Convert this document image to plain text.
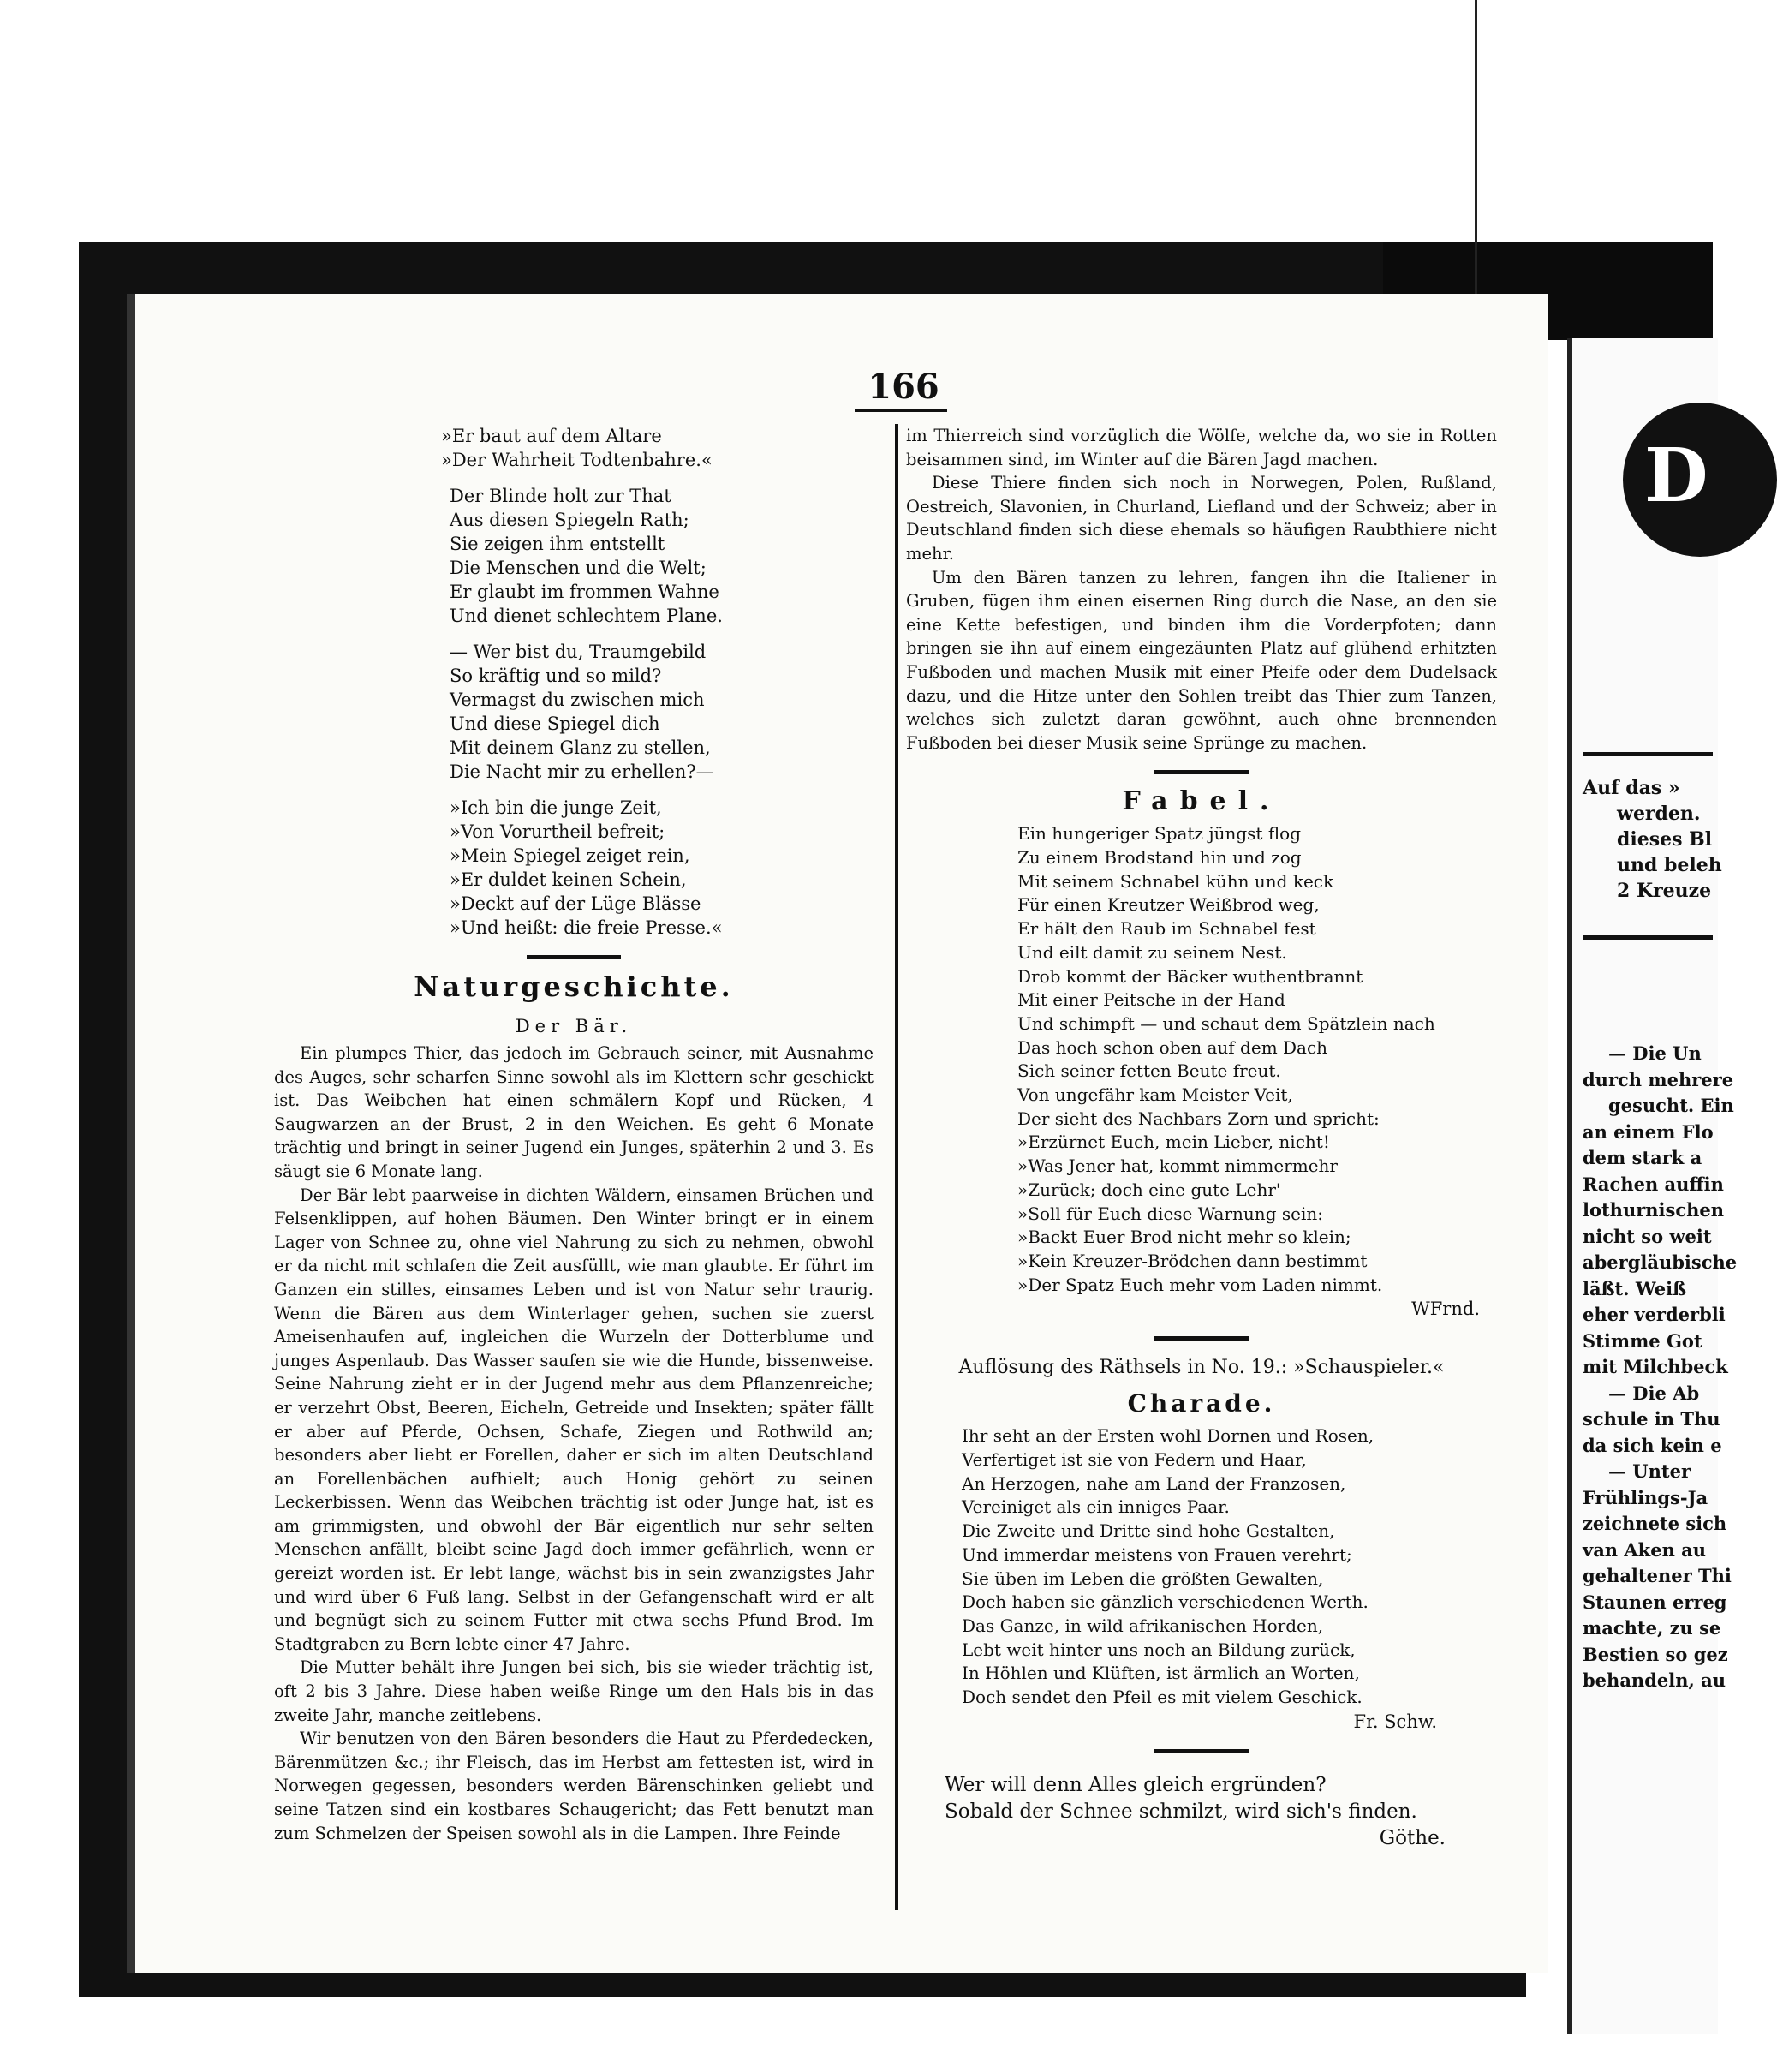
166

»Er baut auf dem Altare

»Der Wahrheit Todtenbahre.«

Der Blinde holt zur That

Aus diesen Spiegeln Rath;

Sie zeigen ihm entstellt

Die Menschen und die Welt;

Er glaubt im frommen Wahne

Und dienet schlechtem Plane.

— Wer bist du, Traumgebild

So kräftig und so mild?

Vermagst du zwischen mich

Und diese Spiegel dich

Mit deinem Glanz zu stellen,

Die Nacht mir zu erhellen?—

»Ich bin die junge Zeit,

»Von Vorurtheil befreit;

»Mein Spiegel zeiget rein,

»Er duldet keinen Schein,

»Deckt auf der Lüge Blässe

»Und heißt: die freie Presse.«

Naturgeschichte.
Der Bär.

Ein plumpes Thier, das jedoch im Gebrauch seiner, mit Ausnahme des Auges, sehr scharfen Sinne sowohl als im Klettern sehr geschickt ist. Das Weibchen hat einen schmälern Kopf und Rücken, 4 Saugwarzen an der Brust, 2 in den Weichen. Es geht 6 Monate trächtig und bringt in seiner Jugend ein Junges, späterhin 2 und 3. Es säugt sie 6 Monate lang.

Der Bär lebt paarweise in dichten Wäldern, einsamen Brüchen und Felsenklippen, auf hohen Bäumen. Den Winter bringt er in einem Lager von Schnee zu, ohne viel Nahrung zu sich zu nehmen, obwohl er da nicht mit schlafen die Zeit ausfüllt, wie man glaubte. Er führt im Ganzen ein stilles, einsames Leben und ist von Natur sehr traurig. Wenn die Bären aus dem Winterlager gehen, suchen sie zuerst Ameisenhaufen auf, ingleichen die Wurzeln der Dotterblume und junges Aspenlaub. Das Wasser saufen sie wie die Hunde, bissenweise. Seine Nahrung zieht er in der Jugend mehr aus dem Pflanzenreiche; er verzehrt Obst, Beeren, Eicheln, Getreide und Insekten; später fällt er aber auf Pferde, Ochsen, Schafe, Ziegen und Rothwild an; besonders aber liebt er Forellen, daher er sich im alten Deutschland an Forellenbächen aufhielt; auch Honig gehört zu seinen Leckerbissen. Wenn das Weibchen trächtig ist oder Junge hat, ist es am grimmigsten, und obwohl der Bär eigentlich nur sehr selten Menschen anfällt, bleibt seine Jagd doch immer gefährlich, wenn er gereizt worden ist. Er lebt lange, wächst bis in sein zwanzigstes Jahr und wird über 6 Fuß lang. Selbst in der Gefangenschaft wird er alt und begnügt sich zu seinem Futter mit etwa sechs Pfund Brod. Im Stadtgraben zu Bern lebte einer 47 Jahre.

Die Mutter behält ihre Jungen bei sich, bis sie wieder trächtig ist, oft 2 bis 3 Jahre. Diese haben weiße Ringe um den Hals bis in das zweite Jahr, manche zeitlebens.

Wir benutzen von den Bären besonders die Haut zu Pferdedecken, Bärenmützen &c.; ihr Fleisch, das im Herbst am fettesten ist, wird in Norwegen gegessen, besonders werden Bärenschinken geliebt und seine Tatzen sind ein kostbares Schaugericht; das Fett benutzt man zum Schmelzen der Speisen sowohl als in die Lampen. Ihre Feinde

im Thierreich sind vorzüglich die Wölfe, welche da, wo sie in Rotten beisammen sind, im Winter auf die Bären Jagd machen.

Diese Thiere finden sich noch in Norwegen, Polen, Rußland, Oestreich, Slavonien, in Churland, Liefland und der Schweiz; aber in Deutschland finden sich diese ehemals so häufigen Raubthiere nicht mehr.

Um den Bären tanzen zu lehren, fangen ihn die Italiener in Gruben, fügen ihm einen eisernen Ring durch die Nase, an den sie eine Kette befestigen, und binden ihm die Vorderpfoten; dann bringen sie ihn auf einem eingezäunten Platz auf glühend erhitzten Fußboden und machen Musik mit einer Pfeife oder dem Dudelsack dazu, und die Hitze unter den Sohlen treibt das Thier zum Tanzen, welches sich zuletzt daran gewöhnt, auch ohne brennenden Fußboden bei dieser Musik seine Sprünge zu machen.

Fabel.

Ein hungeriger Spatz jüngst flog

Zu einem Brodstand hin und zog

Mit seinem Schnabel kühn und keck

Für einen Kreutzer Weißbrod weg,

Er hält den Raub im Schnabel fest

Und eilt damit zu seinem Nest.

Drob kommt der Bäcker wuthentbrannt

Mit einer Peitsche in der Hand

Und schimpft — und schaut dem Spätzlein nach

Das hoch schon oben auf dem Dach

Sich seiner fetten Beute freut.

Von ungefähr kam Meister Veit,

Der sieht des Nachbars Zorn und spricht:

»Erzürnet Euch, mein Lieber, nicht!

»Was Jener hat, kommt nimmermehr

»Zurück; doch eine gute Lehr'

»Soll für Euch diese Warnung sein:

»Backt Euer Brod nicht mehr so klein;

»Kein Kreuzer-Brödchen dann bestimmt

»Der Spatz Euch mehr vom Laden nimmt.

WFrnd.
Auflösung des Räthsels in No. 19.: »Schauspieler.«
Charade.

Ihr seht an der Ersten wohl Dornen und Rosen,

Verfertiget ist sie von Federn und Haar,

An Herzogen, nahe am Land der Franzosen,

Vereiniget als ein inniges Paar.

Die Zweite und Dritte sind hohe Gestalten,

Und immerdar meistens von Frauen verehrt;

Sie üben im Leben die größten Gewalten,

Doch haben sie gänzlich verschiedenen Werth.

Das Ganze, in wild afrikanischen Horden,

Lebt weit hinter uns noch an Bildung zurück,

In Höhlen und Klüften, ist ärmlich an Worten,

Doch sendet den Pfeil es mit vielem Geschick.

Fr. Schw.
Wer will denn Alles gleich ergründen?
Sobald der Schnee schmilzt, wird sich's finden.
Göthe.
D
Auf das »
werden.
dieses Bl
und beleh
2 Kreuze
— Die Un
durch mehrere
gesucht. Ein
an einem Flo
dem stark a
Rachen auffin
lothurnischen
nicht so weit
abergläubische
läßt. Weiß
eher verderbli
Stimme Got
mit Milchbeck
— Die Ab
schule in Thu
da sich kein e
— Unter
Frühlings-Ja
zeichnete sich
van Aken au
gehaltener Thi
Staunen erreg
machte, zu se
Bestien so gez
behandeln, au
